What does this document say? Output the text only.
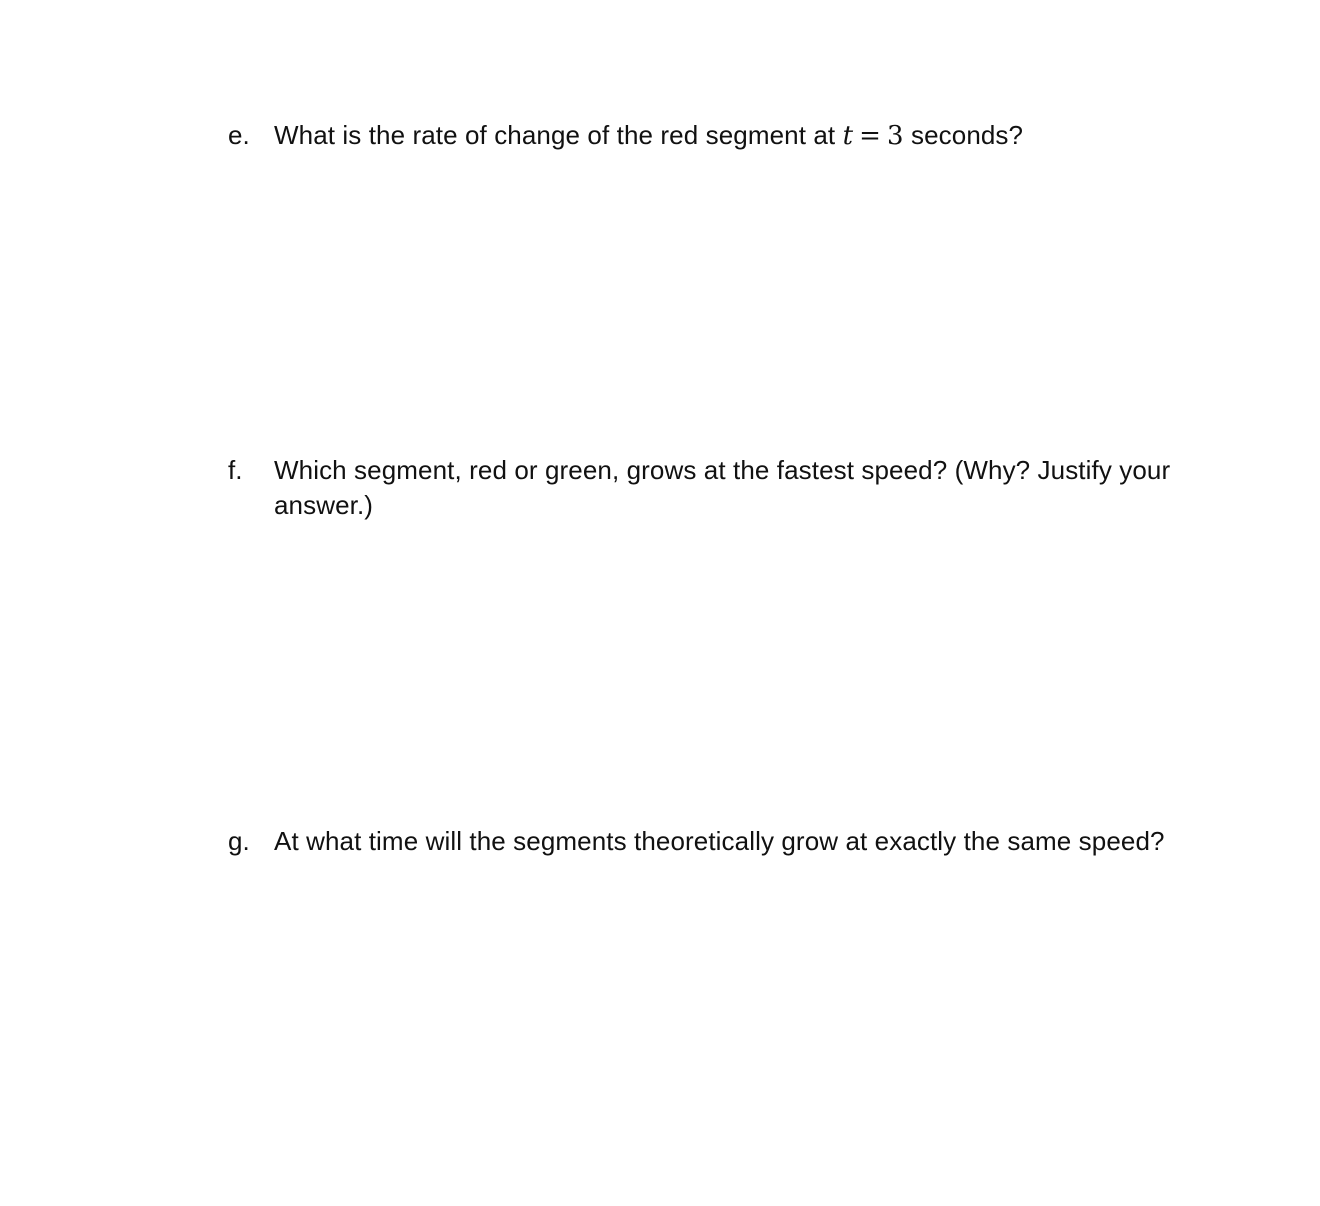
e. What is the rate of change of the red segment at t = 3 seconds?
f. Which segment, red or green, grows at the fastest speed? (Why? Justify your answer.)
g. At what time will the segments theoretically grow at exactly the same speed?
